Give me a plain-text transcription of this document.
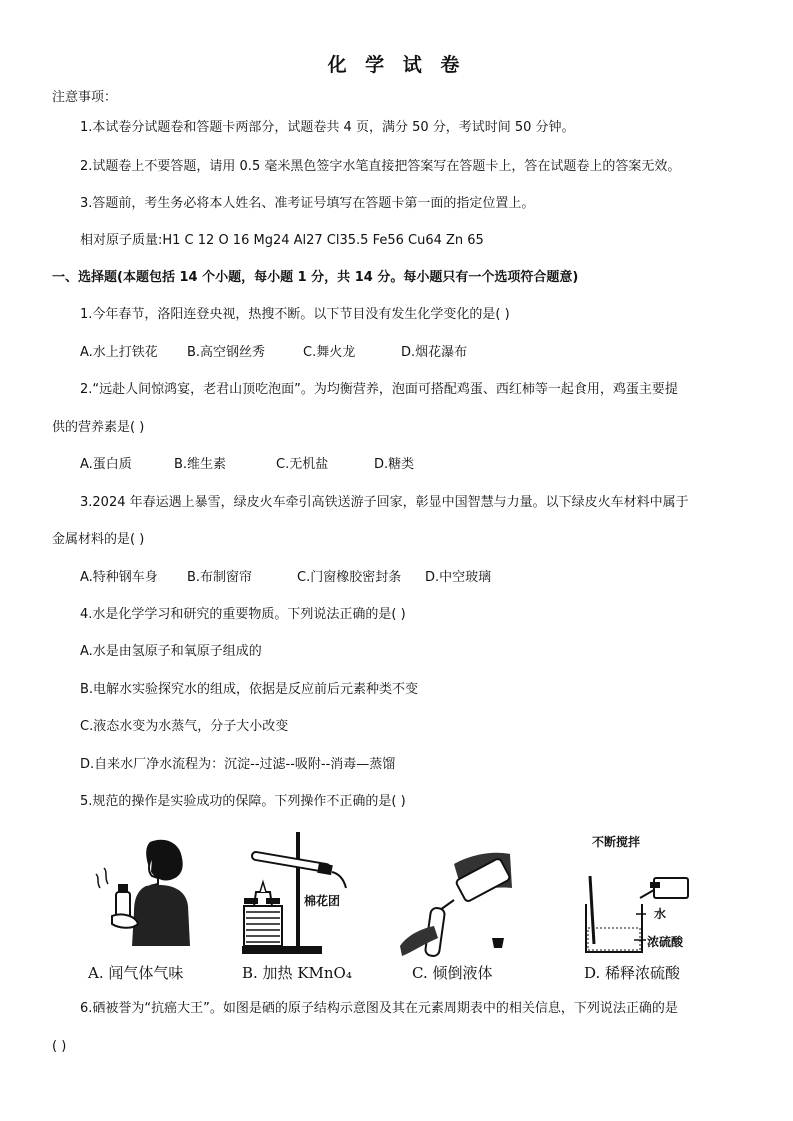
化 学 试 卷
注意事项：
1.本试卷分试题卷和答题卡两部分，试题卷共 4 页，满分 50 分，考试时间 50 分钟。
2.试题卷上不要答题，请用 0.5 毫米黑色签字水笔直接把答案写在答题卡上，答在试题卷上的答案无效。
3.答题前，考生务必将本人姓名、准考证号填写在答题卡第一面的指定位置上。
相对原子质量:H1 C 12 O 16 Mg24 Al27 Cl35.5 Fe56 Cu64 Zn 65
一、选择题(本题包括 14 个小题，每小题 1 分，共 14 分。每小题只有一个选项符合题意)
1.今年春节，洛阳连登央视，热搜不断。以下节目没有发生化学变化的是( )
A.水上打铁花 B.高空钢丝秀	C.舞火龙	D.烟花瀑布
2.“远赴人间惊鸿宴，老君山顶吃泡面”。为均衡营养，泡面可搭配鸡蛋、西红柿等一起食用，鸡蛋主要提
供的营养素是( )
A.蛋白质	B.维生素	C.无机盐	D.糖类
3.2024 年春运遇上暴雪，绿皮火车牵引高铁送游子回家，彰显中国智慧与力量。以下绿皮火车材料中属于
金属材料的是( )
A.特种钢车身 B.布制窗帘	C.门窗橡胶密封条 D.中空玻璃
4.水是化学学习和研究的重要物质。下列说法正确的是( )
A.水是由氢原子和氧原子组成的
B.电解水实验探究水的组成，依据是反应前后元素种类不变
C.液态水变为水蒸气，分子大小改变
D.自来水厂净水流程为：沉淀--过滤--吸附--消毒—蒸馏
5.规范的操作是实验成功的保障。下列操作不正确的是( )
A. 闻气体气味
棉花团
B. 加热 KMnO₄	C. 倾倒液体
不断搅拌
水
浓硫酸
D. 稀释浓硫酸
6.硒被誉为“抗癌大王”。如图是硒的原子结构示意图及其在元素周期表中的相关信息，下列说法正确的是
( )
